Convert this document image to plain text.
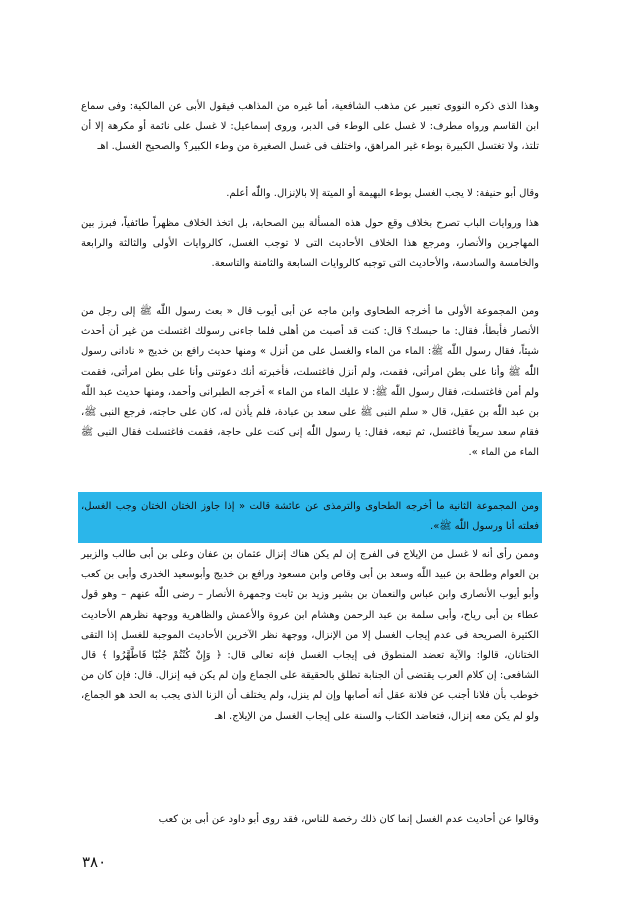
وهذا الذى ذكره النووى تعبير عن مذهب الشافعية، أما غيره من المذاهب فيقول الأبى عن المالكية: وفى سماع ابن القاسم ورواه مطرف: لا غسل على الوطء فى الدبر، وروى إسماعيل: لا غسل على نائمة أو مكرهة إلا أن تلتذ، ولا تغتسل الكبيرة بوطء غير المراهق، واختلف فى غسل الصغيرة من وطء الكبير؟ والصحيح الغسل. اهـ

وقال أبو حنيفة: لا يجب الغسل بوطء البهيمة أو الميتة إلا بالإنزال. واللّٰه أعلم.

هذا وروايات الباب تصرح بخلاف وقع حول هذه المسألة بين الصحابة، بل اتخذ الخلاف مظهراً طائفياً، فبرز بين المهاجرين والأنصار، ومرجع هذا الخلاف الأحاديث التى لا توجب الغسل، كالروايات الأولى والثالثة والرابعة والخامسة والسادسة، والأحاديث التى توجبه كالروايات السابعة والثامنة والتاسعة.

ومن المجموعة الأولى ما أخرجه الطحاوى وابن ماجه عن أبى أيوب قال « بعث رسول اللّٰه ﷺ إلى رجل من الأنصار فأبطأ، فقال: ما حبسك؟ قال: كنت قد أصبت من أهلى فلما جاءنى رسولك اغتسلت من غير أن أحدث شيئاً، فقال رسول اللّٰه ﷺ: الماء من الماء والغسل على من أنزل » ومنها حديث رافع بن خديج « نادانى رسول اللّٰه ﷺ وأنا على بطن امرأتى، فقمت، ولم أنزل فاغتسلت، فأخبرته أنك دعوتنى وأنا على بطن امرأتى، فقمت ولم أمن فاغتسلت، فقال رسول اللّٰه ﷺ: لا عليك الماء من الماء » أخرجه الطبرانى وأحمد، ومنها حديث عبد اللّٰه بن عبد اللّٰه بن عقيل، قال « سلم النبى ﷺ على سعد بن عبادة، فلم يأذن له، كان على حاجته، فرجع النبى ﷺ، فقام سعد سريعاً فاغتسل، ثم تبعه، فقال: يا رسول اللّٰه إنى كنت على حاجة، فقمت فاغتسلت فقال النبى ﷺ الماء من الماء ».

ومن المجموعة الثانية ما أخرجه الطحاوى والترمذى عن عائشة قالت « إذا جاوز الختان الختان وجب الغسل، فعلته أنا ورسول اللّٰه ﷺ».

وممن رأى أنه لا غسل من الإيلاج فى الفرج إن لم يكن هناك إنزال عثمان بن عفان وعلى بن أبى طالب والزبير بن العوام وطلحة بن عبيد اللّٰه وسعد بن أبى وقاص وابن مسعود ورافع بن خديج وأبوسعيد الخدرى وأبى بن كعب وأبو أيوب الأنصارى وابن عباس والنعمان بن بشير وزيد بن ثابت وجمهرة الأنصار – رضى اللّٰه عنهم – وهو قول عطاء بن أبى رياح، وأبى سلمة بن عبد الرحمن وهشام ابن عروة والأعمش والظاهرية ووجهة نظرهم الأحاديث الكثيرة الصريحة فى عدم إيجاب الغسل إلا من الإنزال، ووجهة نظر الآخرين الأحاديث الموجبة للغسل إذا التقى الختانان، قالوا: والآية تعضد المنطوق فى إيجاب الغسل فإنه تعالى قال: ﴿ وَإِنْ كُنْتُمْ جُنُبًا فَاطَّهَّرُوا ﴾ قال الشافعى: إن كلام العرب يقتضى أن الجنابة تطلق بالحقيقة على الجماع وإن لم يكن فيه إنزال. قال: فإن كان من خوطب بأن فلانا أجنب عن فلانة عقل أنه أصابها وإن لم ينزل، ولم يختلف أن الزنا الذى يجب به الحد هو الجماع، ولو لم يكن معه إنزال، فتعاضد الكتاب والسنة على إيجاب الغسل من الإيلاج. اهـ

وقالوا عن أحاديث عدم الغسل إنما كان ذلك رخصة للناس، فقد روى أبو داود عن أبى بن كعب

٣٨٠
